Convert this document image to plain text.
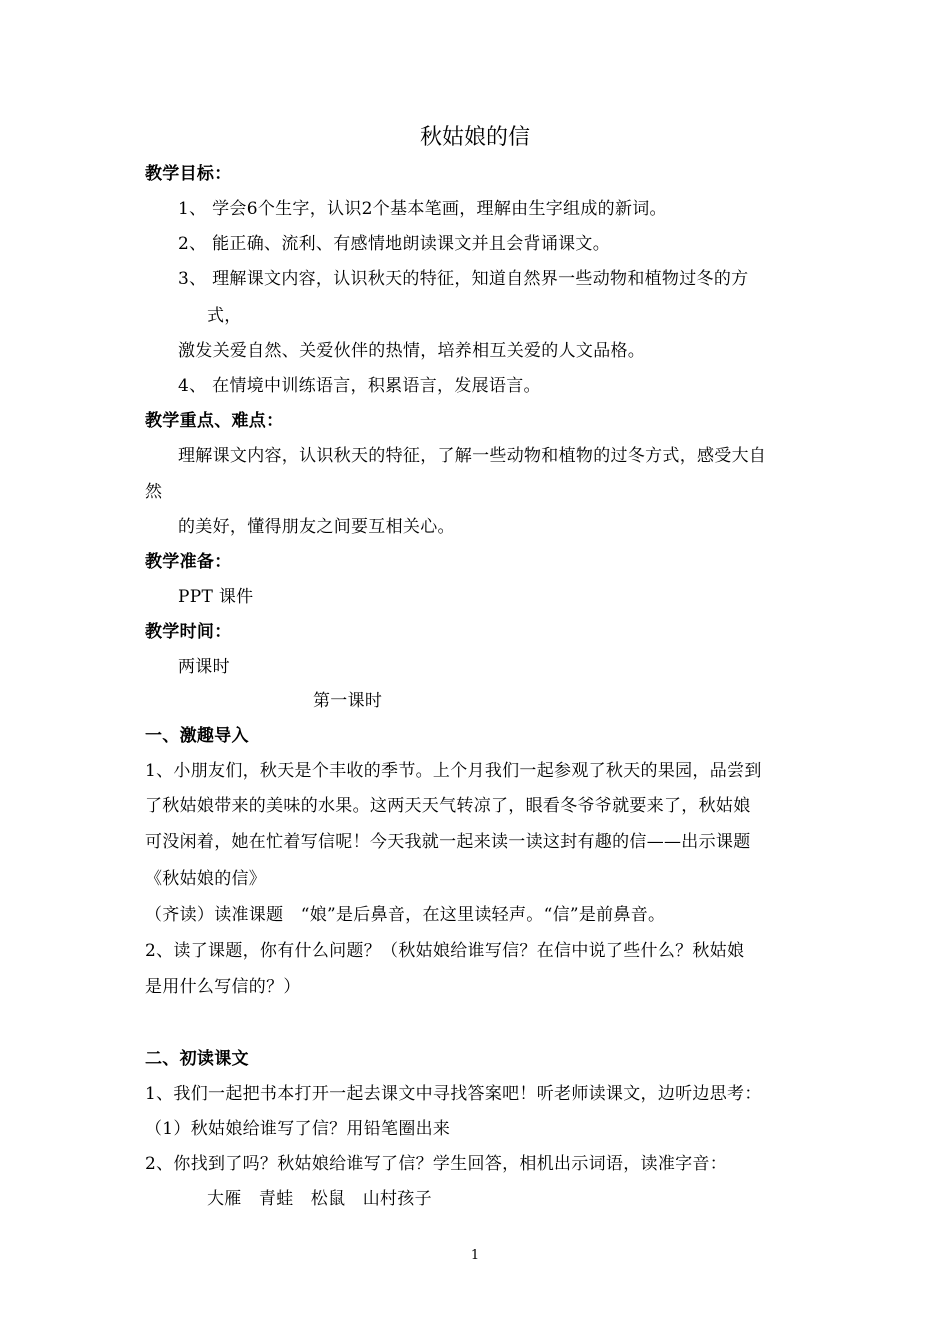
秋姑娘的信
教学目标：
1、 学会6个生字，认识2个基本笔画，理解由生字组成的新词。
2、 能正确、流利、有感情地朗读课文并且会背诵课文。
3、 理解课文内容，认识秋天的特征，知道自然界一些动物和植物过冬的方
式，
激发关爱自然、关爱伙伴的热情，培养相互关爱的人文品格。
4、 在情境中训练语言，积累语言，发展语言。
教学重点、难点：
理解课文内容，认识秋天的特征，了解一些动物和植物的过冬方式，感受大自
然
的美好，懂得朋友之间要互相关心。
教学准备：
PPT 课件
教学时间：
两课时
第一课时
一、激趣导入
1、小朋友们，秋天是个丰收的季节。上个月我们一起参观了秋天的果园，品尝到
了秋姑娘带来的美味的水果。这两天天气转凉了，眼看冬爷爷就要来了，秋姑娘
可没闲着，她在忙着写信呢！今天我就一起来读一读这封有趣的信——出示课题
《秋姑娘的信》
（齐读）读准课题　“娘”是后鼻音，在这里读轻声。“信”是前鼻音。
2、读了课题，你有什么问题？（秋姑娘给谁写信？在信中说了些什么？秋姑娘
是用什么写信的？）
二、初读课文
1、我们一起把书本打开一起去课文中寻找答案吧！听老师读课文，边听边思考：
（1）秋姑娘给谁写了信？用铅笔圈出来
2、你找到了吗？秋姑娘给谁写了信？学生回答，相机出示词语，读准字音：
大雁　青蛙　松鼠　山村孩子
1
